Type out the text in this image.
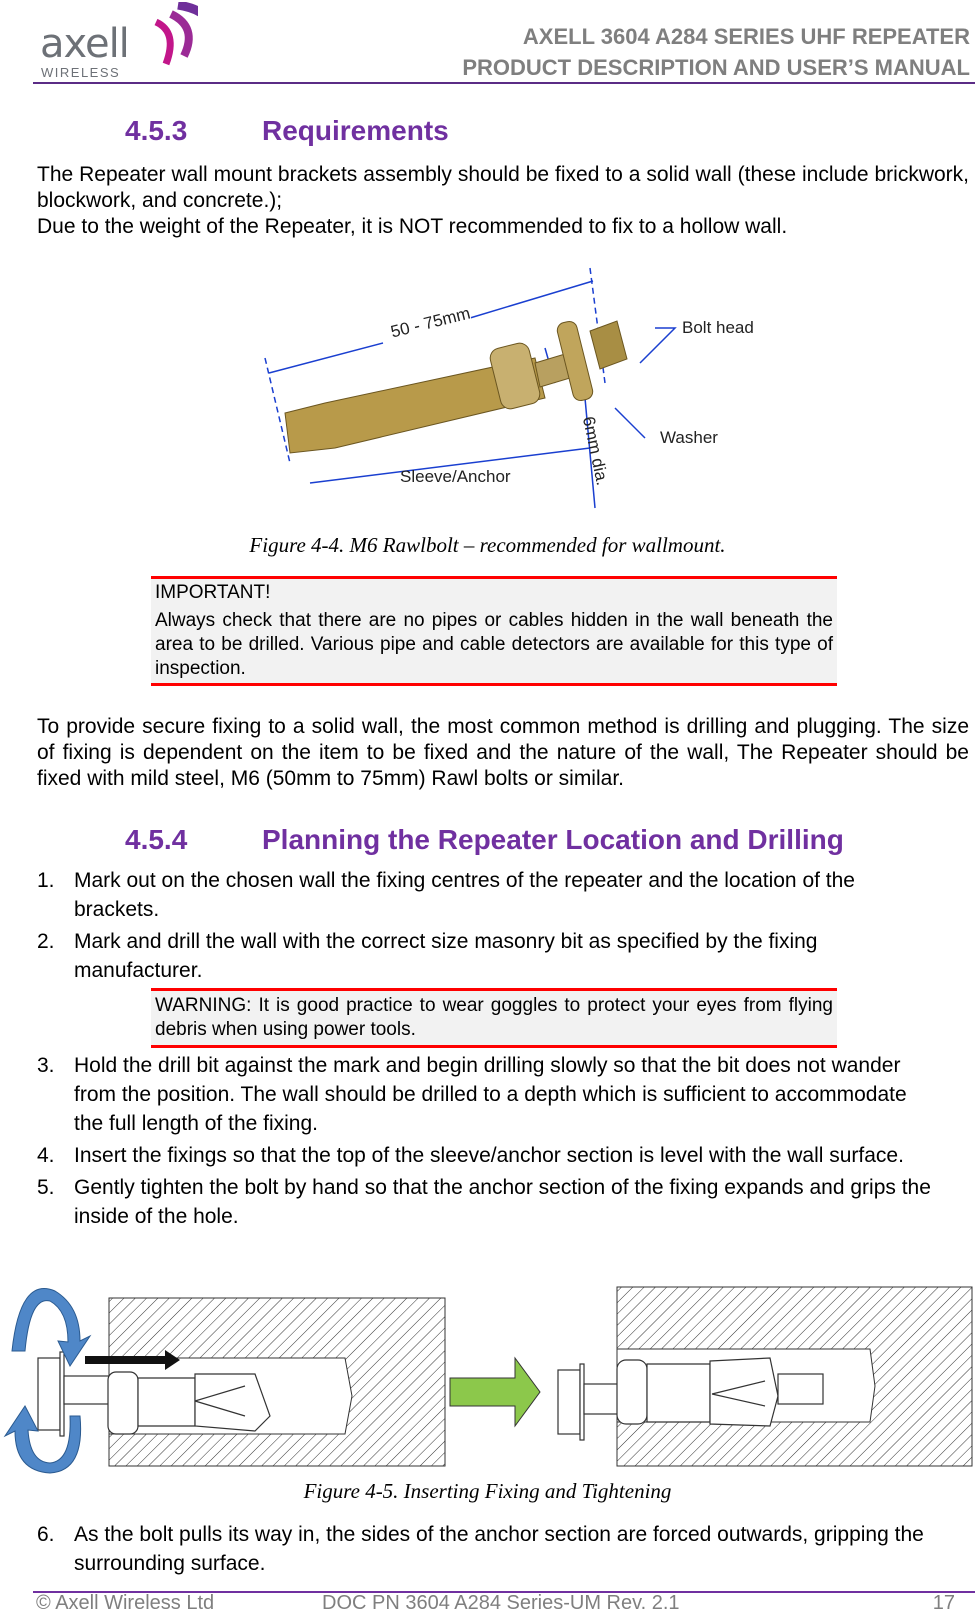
axell
WIRELESS
AXELL 3604 A284 SERIES UHF REPEATER
PRODUCT DESCRIPTION AND USER’S MANUAL
4.5.3	Requirements

The Repeater wall mount brackets assembly should be fixed to a solid wall (these include brickwork, blockwork, and concrete.);

Due to the weight of the Repeater, it is NOT recommended to fix to a hollow wall.

50 - 75mm	Bolt head
Washer
Sleeve/Anchor	6mm dia.
Figure 4-4. M6 Rawlbolt – recommended for wallmount.
IMPORTANT!
Always check that there are no pipes or cables hidden in the wall beneath the area to be drilled. Various pipe and cable detectors are available for this type of inspection.

To provide secure fixing to a solid wall, the most common method is drilling and plugging. The size of fixing is dependent on the item to be fixed and the nature of the wall, The Repeater should be fixed with mild steel, M6 (50mm to 75mm) Rawl bolts or similar.

4.5.4	Planning the Repeater Location and Drilling
1. Mark out on the chosen wall the fixing centres of the repeater and the location of the brackets.
2. Mark and drill the wall with the correct size masonry bit as specified by the fixing manufacturer.
WARNING: It is good practice to wear goggles to protect your eyes from flying debris when using power tools.
3. Hold the drill bit against the mark and begin drilling slowly so that the bit does not wander from the position. The wall should be drilled to a depth which is sufficient to accommodate the full length of the fixing.
4. Insert the fixings so that the top of the sleeve/anchor section is level with the wall surface.
5. Gently tighten the bolt by hand so that the anchor section of the fixing expands and grips the inside of the hole.
Figure 4-5. Inserting Fixing and Tightening
6. As the bolt pulls its way in, the sides of the anchor section are forced outwards, gripping the surrounding surface.
© Axell Wireless Ltd	DOC PN 3604 A284 Series-UM Rev. 2.1	17
